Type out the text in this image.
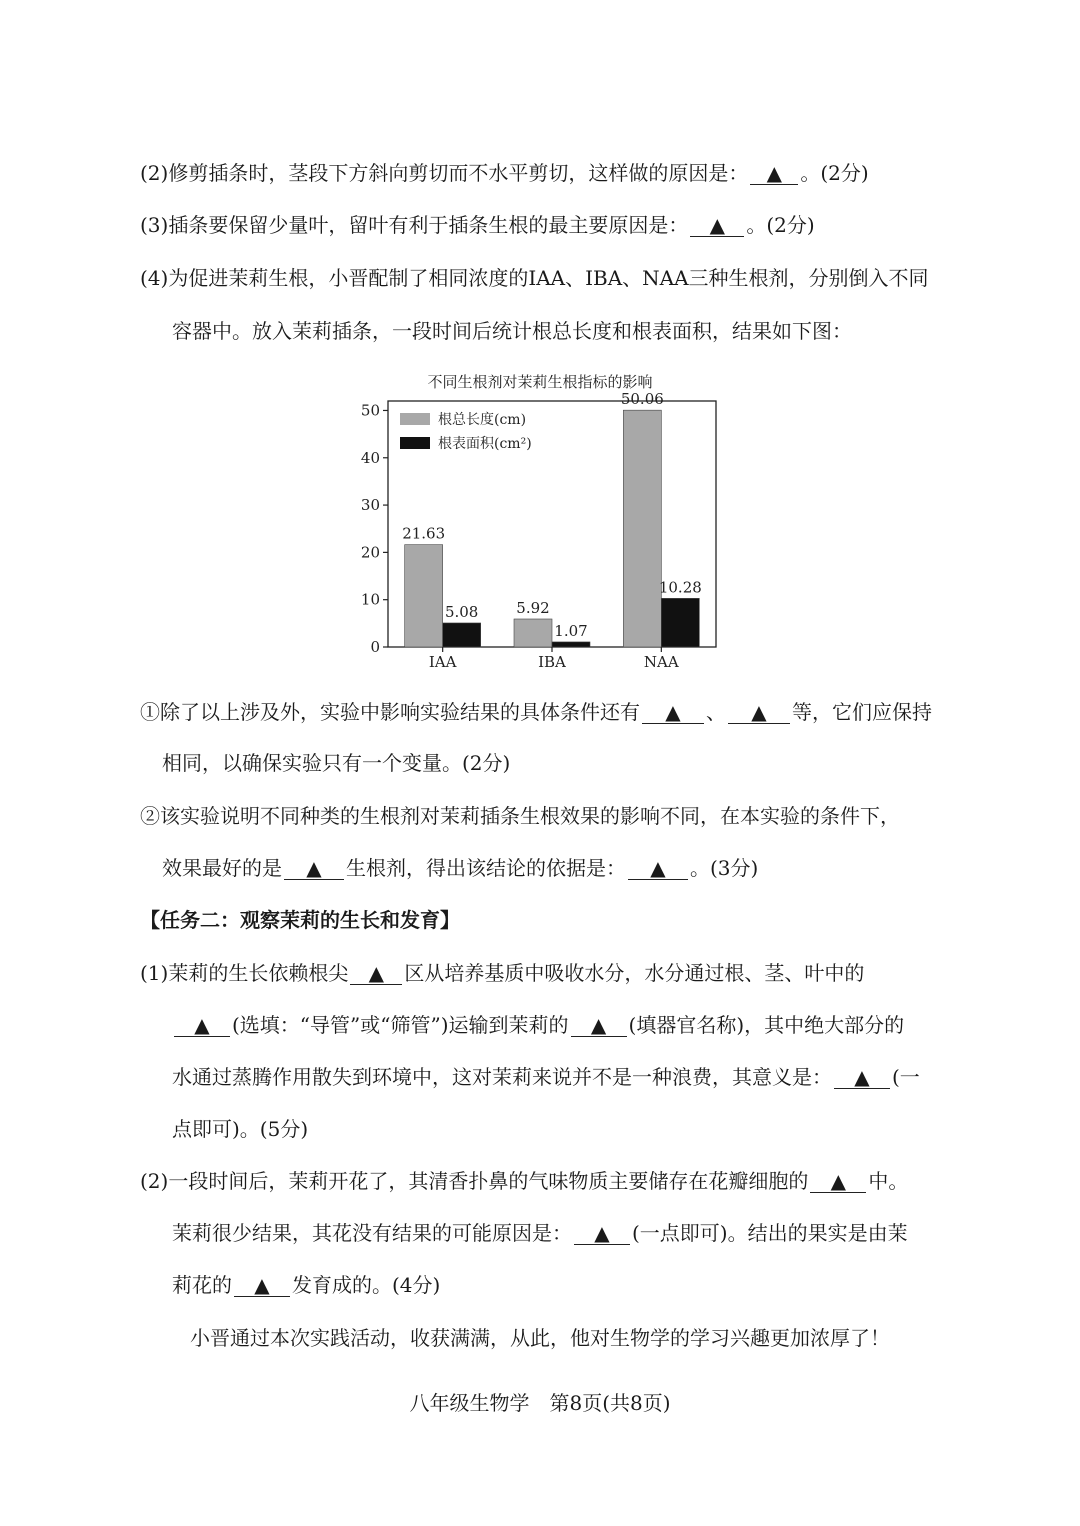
(2)修剪插条时，茎段下方斜向剪切而不水平剪切，这样做的原因是： ▲ 。(2分)
(3)插条要保留少量叶，留叶有利于插条生根的最主要原因是： ▲ 。(2分)
(4)为促进茉莉生根，小晋配制了相同浓度的IAA、IBA、NAA三种生根剂，分别倒入不同
容器中。放入茉莉插条，一段时间后统计根总长度和根表面积，结果如下图：
不同生根剂对茉莉生根指标的影响
0
10
20
30
40
50
21.63
5.08	5.92
1.07
50.06
10.28
IAA	IBA	NAA
根总长度(cm)
根表面积(cm²)
①除了以上涉及外，实验中影响实验结果的具体条件还有 ▲ 、 ▲ 等，它们应保持
相同，以确保实验只有一个变量。(2分)
②该实验说明不同种类的生根剂对茉莉插条生根效果的影响不同，在本实验的条件下，
效果最好的是 ▲ 生根剂，得出该结论的依据是： ▲ 。(3分)
【任务二：观察茉莉的生长和发育】
(1)茉莉的生长依赖根尖 ▲ 区从培养基质中吸收水分，水分通过根、茎、叶中的
▲ (选填：“导管”或“筛管”)运输到茉莉的 ▲ (填器官名称)，其中绝大部分的
水通过蒸腾作用散失到环境中，这对茉莉来说并不是一种浪费，其意义是： ▲ (一
点即可)。(5分)
(2)一段时间后，茉莉开花了，其清香扑鼻的气味物质主要储存在花瓣细胞的 ▲ 中。
茉莉很少结果，其花没有结果的可能原因是： ▲ (一点即可)。结出的果实是由茉
莉花的 ▲ 发育成的。(4分)
小晋通过本次实践活动，收获满满，从此，他对生物学的学习兴趣更加浓厚了！
八年级生物学　第8页(共8页)
